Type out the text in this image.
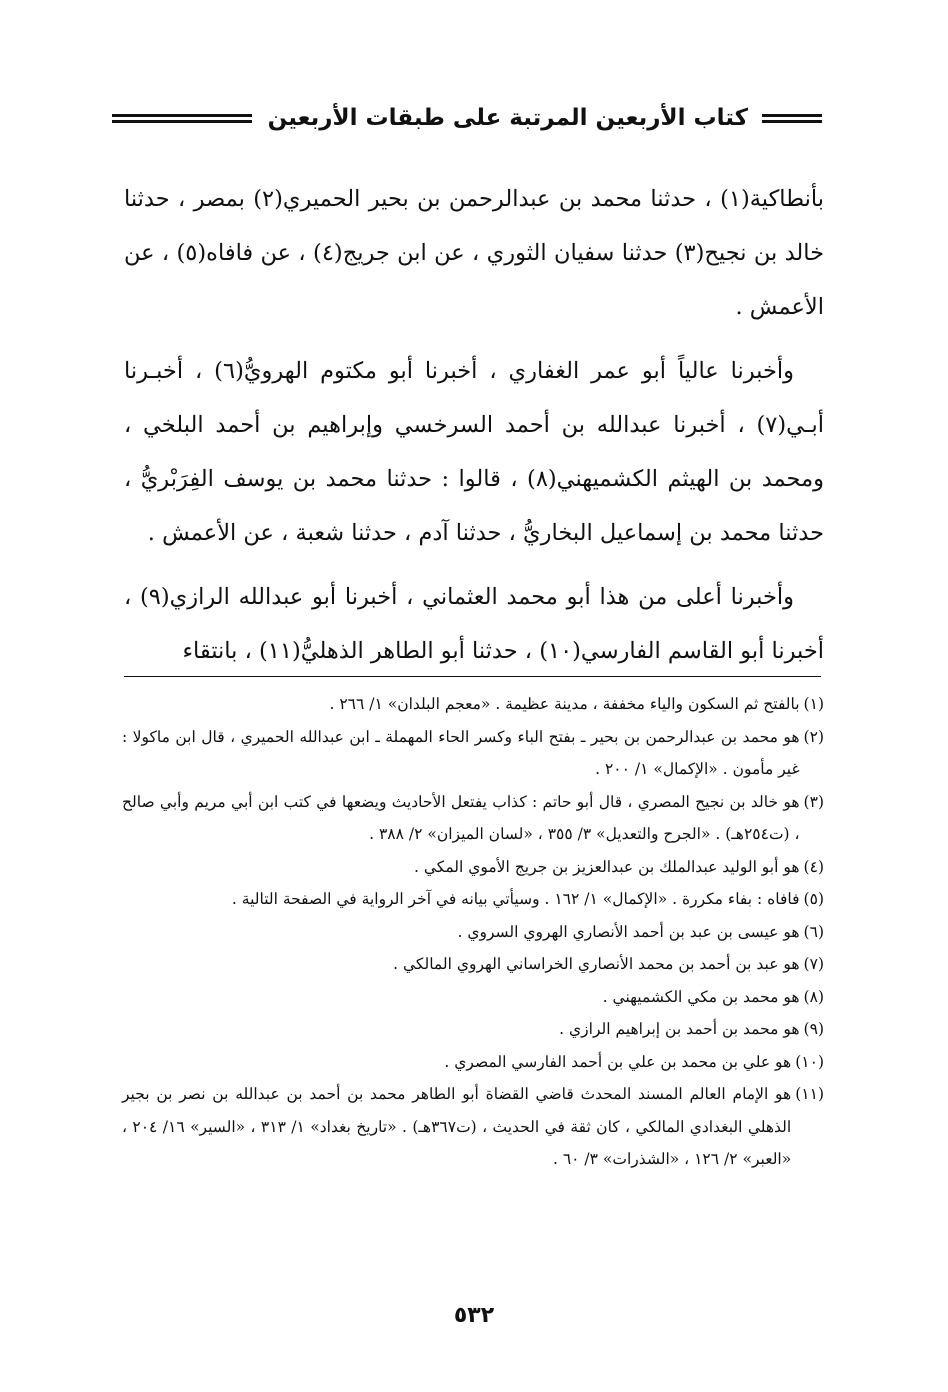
كتاب الأربعين المرتبة على طبقات الأربعين

بأنطاكية(١) ، حدثنا محمد بن عبدالرحمن بن بحير الحميري(٢) بمصر ، حدثنا خالد بن نجيح(٣) حدثنا سفيان الثوري ، عن ابن جريج(٤) ، عن فافاه(٥) ، عن الأعمش .

وأخبرنا عالياً أبو عمر الغفاري ، أخبرنا أبو مكتوم الهرويُّ(٦) ، أخبـرنا أبـي(٧) ، أخبرنا عبدالله بن أحمد السرخسي وإبراهيم بن أحمد البلخي ، ومحمد بن الهيثم الكشميهني(٨) ، قالوا : حدثنا محمد بن يوسف الفِرَبْريُّ ، حدثنا محمد بن إسماعيل البخاريُّ ، حدثنا آدم ، حدثنا شعبة ، عن الأعمش .

وأخبرنا أعلى من هذا أبو محمد العثماني ، أخبرنا أبو عبدالله الرازي(٩) ، أخبرنا أبو القاسم الفارسي(١٠) ، حدثنا أبو الطاهر الذهليُّ(١١) ، بانتقاء

(١)
بالفتح ثم السكون والياء مخففة ، مدينة عظيمة . «معجم البلدان» ١/ ٢٦٦ .
(٢)
هو محمد بن عبدالرحمن بن بحير ـ بفتح الباء وكسر الحاء المهملة ـ ابن عبدالله الحميري ، قال ابن ماكولا : غير مأمون . «الإكمال» ١/ ٢٠٠ .
(٣)
هو خالد بن نجيح المصري ، قال أبو حاتم : كذاب يفتعل الأحاديث ويضعها في كتب ابن أبي مريم وأبي صالح ، (ت٢٥٤هـ) . «الجرح والتعديل» ٣/ ٣٥٥ ، «لسان الميزان» ٢/ ٣٨٨ .
(٤)
هو أبو الوليد عبدالملك بن عبدالعزيز بن جريج الأموي المكي .
(٥)
فافاه : بفاء مكررة . «الإكمال» ١/ ١٦٢ . وسيأتي بيانه في آخر الرواية في الصفحة التالية .
(٦)
هو عيسى بن عبد بن أحمد الأنصاري الهروي السروي .
(٧)
هو عبد بن أحمد بن محمد الأنصاري الخراساني الهروي المالكي .
(٨)
هو محمد بن مكي الكشميهني .
(٩)
هو محمد بن أحمد بن إبراهيم الرازي .
(١٠)
هو علي بن محمد بن علي بن أحمد الفارسي المصري .
(١١)
هو الإمام العالم المسند المحدث قاضي القضاة أبو الطاهر محمد بن أحمد بن عبدالله بن نصر بن بجير الذهلي البغدادي المالكي ، كان ثقة في الحديث ، (ت٣٦٧هـ) . «تاريخ بغداد» ١/ ٣١٣ ، «السير» ١٦/ ٢٠٤ ، «العبر» ٢/ ١٢٦ ، «الشذرات» ٣/ ٦٠ .
٥٣٢
